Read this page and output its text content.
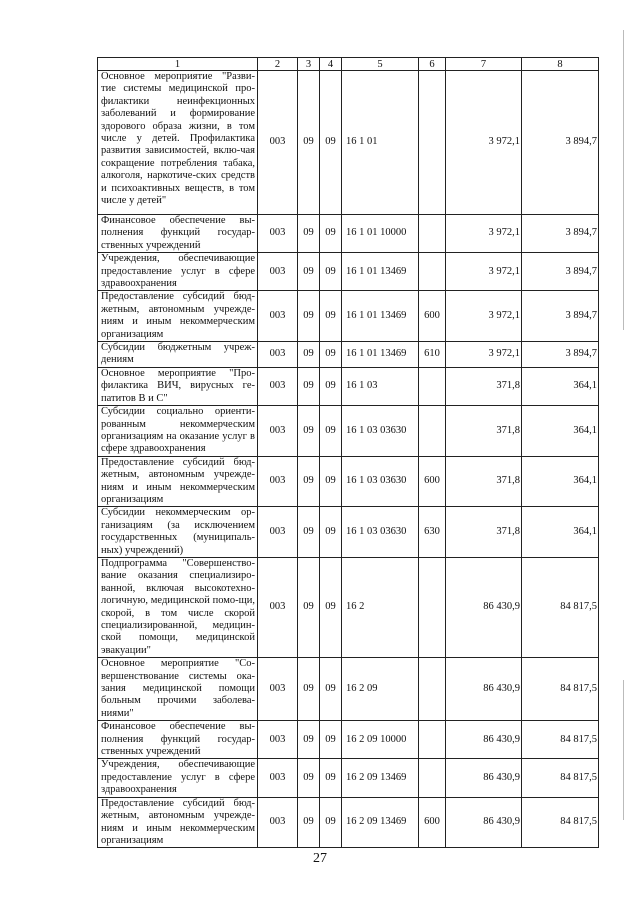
1	2	3	4	5	6	7	8
Основное мероприятие "Разви-тие системы медицинской про-филактики неинфекционных заболеваний и формирование здорового образа жизни, в том числе у детей. Профилактика развития зависимостей, вклю-чая сокращение потребления табака, алкоголя, наркотиче-ских средств и психоактивных веществ, в том числе у детей"	003	09	09	16 1 01		3 972,1	3 894,7
Финансовое обеспечение вы-полнения функций государ-ственных учреждений	003	09	09	16 1 01 10000		3 972,1	3 894,7
Учреждения, обеспечивающие предоставление услуг в сфере здравоохранения	003	09	09	16 1 01 13469		3 972,1	3 894,7
Предоставление субсидий бюд-жетным, автономным учрежде-ниям и иным некоммерческим организациям	003	09	09	16 1 01 13469	600	3 972,1	3 894,7
Субсидии бюджетным учреж-дениям	003	09	09	16 1 01 13469	610	3 972,1	3 894,7
Основное мероприятие "Про-филактика ВИЧ, вирусных ге-патитов В и С"	003	09	09	16 1 03		371,8	364,1
Субсидии социально ориенти-рованным некоммерческим организациям на оказание услуг в сфере здравоохранения	003	09	09	16 1 03 03630		371,8	364,1
Предоставление субсидий бюд-жетным, автономным учрежде-ниям и иным некоммерческим организациям	003	09	09	16 1 03 03630	600	371,8	364,1
Субсидии некоммерческим ор-ганизациям (за исключением государственных (муниципаль-ных) учреждений)	003	09	09	16 1 03 03630	630	371,8	364,1
Подпрограмма "Совершенство-вание оказания специализиро-ванной, включая высокотехно-логичную, медицинской помо-щи, скорой, в том числе скорой специализированной, медицин-ской помощи, медицинской эвакуации"	003	09	09	16 2		86 430,9	84 817,5
Основное мероприятие "Со-вершенствование системы ока-зания медицинской помощи больным прочими заболева-ниями"	003	09	09	16 2 09		86 430,9	84 817,5
Финансовое обеспечение вы-полнения функций государ-ственных учреждений	003	09	09	16 2 09 10000		86 430,9	84 817,5
Учреждения, обеспечивающие предоставление услуг в сфере здравоохранения	003	09	09	16 2 09 13469		86 430,9	84 817,5
Предоставление субсидий бюд-жетным, автономным учрежде-ниям и иным некоммерческим организациям	003	09	09	16 2 09 13469	600	86 430,9	84 817,5
27
